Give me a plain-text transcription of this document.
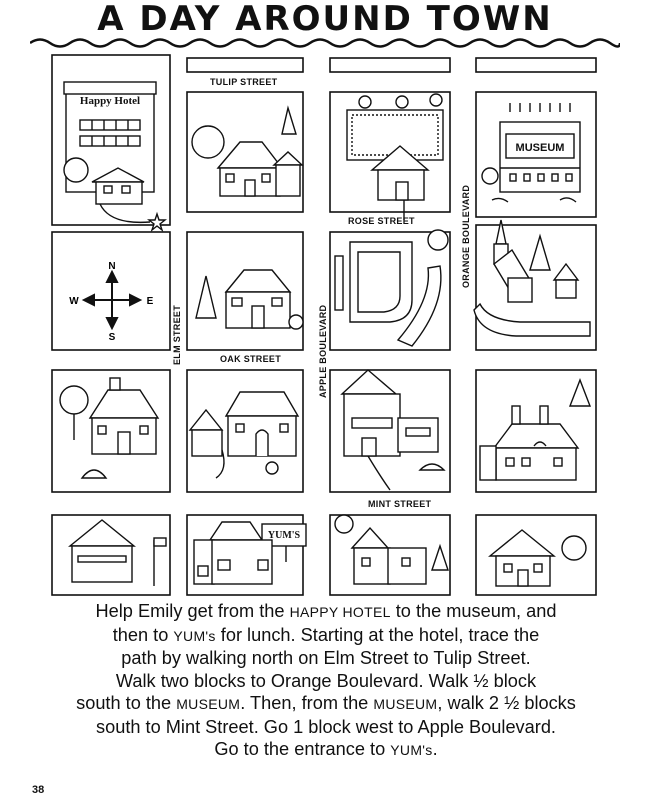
A DAY AROUND TOWN
Happy Hotel
MUSEUM
N
S
W	E
YUM'S
TULIP STREET
ROSE STREET
OAK STREET
MINT STREET
ELM STREET	APPLE BOULEVARD
ORANGE BOULEVARD
Help Emily get from the HAPPY HOTEL to the museum, and
then to YUM's for lunch. Starting at the hotel, trace the
path by walking north on Elm Street to Tulip Street.
Walk two blocks to Orange Boulevard. Walk ½ block
south to the MUSEUM. Then, from the MUSEUM, walk 2 ½ blocks
south to Mint Street. Go 1 block west to Apple Boulevard.
Go to the entrance to YUM's.
38
